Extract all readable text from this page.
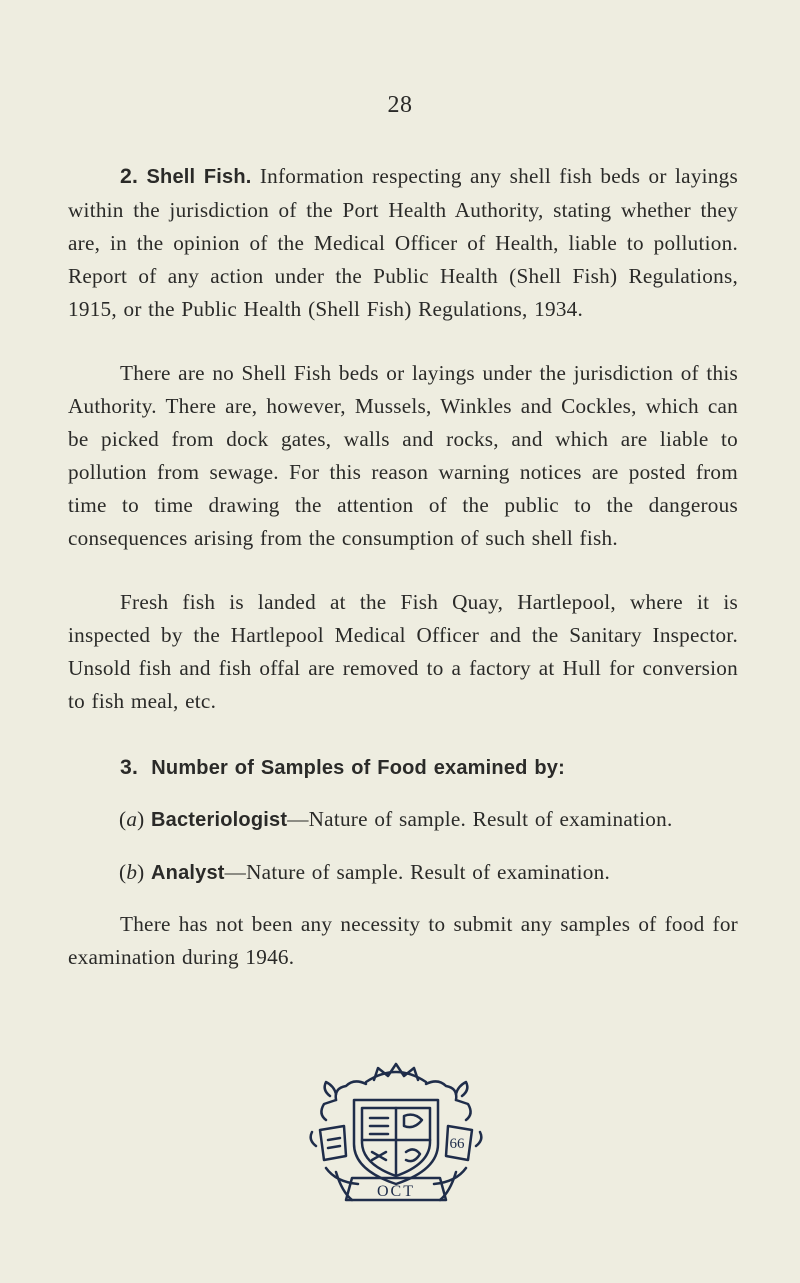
28

2. Shell Fish. Information respecting any shell fish beds or layings within the jurisdiction of the Port Health Authority, stating whether they are, in the opinion of the Medical Officer of Health, liable to pollution. Report of any action under the Public Health (Shell Fish) Regulations, 1915, or the Public Health (Shell Fish) Regulations, 1934.

There are no Shell Fish beds or layings under the jurisdiction of this Authority. There are, however, Mussels, Winkles and Cockles, which can be picked from dock gates, walls and rocks, and which are liable to pollution from sewage. For this reason warning notices are posted from time to time drawing the attention of the public to the dangerous consequences arising from the consumption of such shell fish.

Fresh fish is landed at the Fish Quay, Hartlepool, where it is inspected by the Hartlepool Medical Officer and the Sanitary Inspector. Unsold fish and fish offal are removed to a factory at Hull for conversion to fish meal, etc.

3. Number of Samples of Food examined by:

(a) Bacteriologist—Nature of sample. Result of examination.

(b) Analyst—Nature of sample. Result of examination.

There has not been any necessity to submit any samples of food for examination during 1946.

OCT
66
